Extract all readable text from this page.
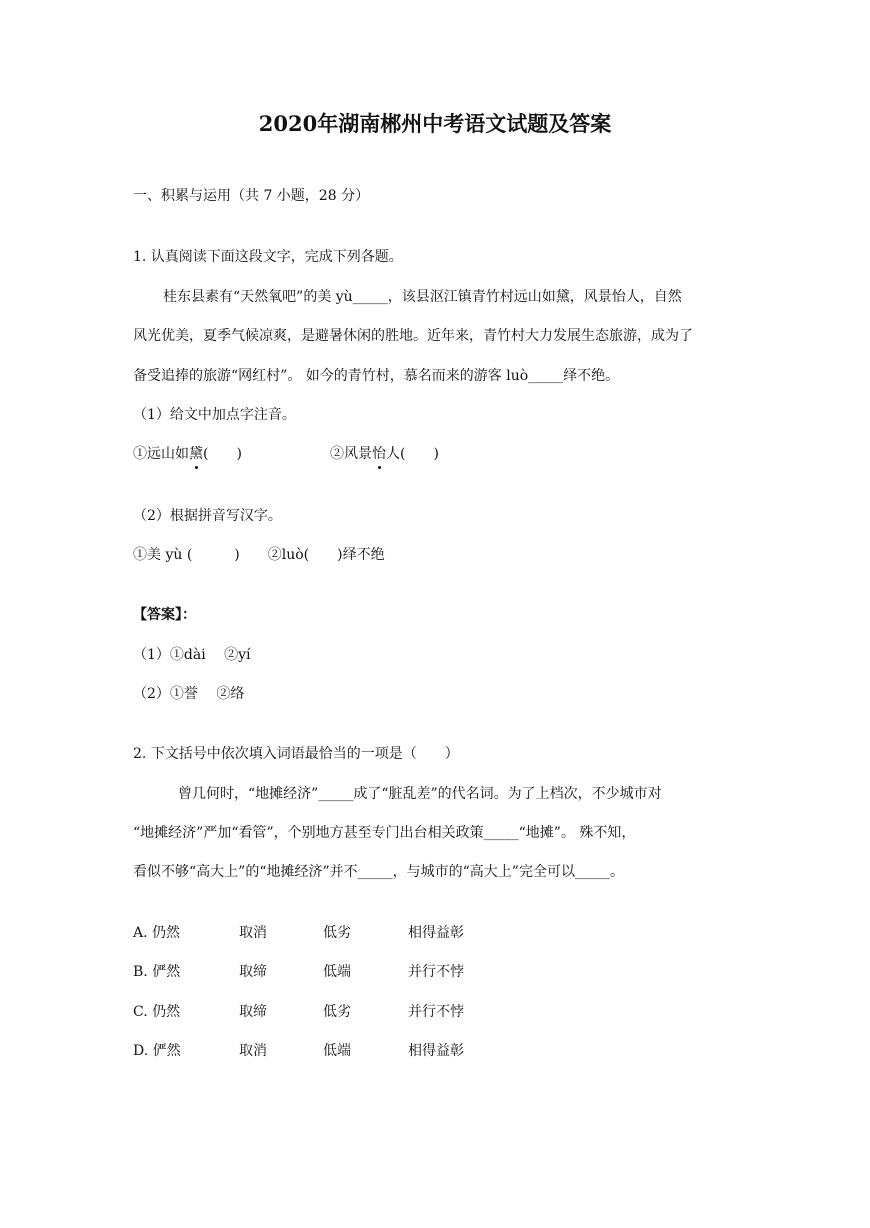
2020年湖南郴州中考语文试题及答案
一、积累与运用（共 7 小题，28 分）
1. 认真阅读下面这段文字，完成下列各题。
桂东县素有“天然氧吧”的美 yù_____，该县沤江镇青竹村远山如黛，风景怡人，自然
风光优美，夏季气候凉爽，是避暑休闲的胜地。近年来，青竹村大力发展生态旅游，成为了
备受追捧的旅游“网红村”。 如今的青竹村，慕名而来的游客 luò_____绎不绝。
（1）给文中加点字注音。
①远山如黛(　　)	②风景怡人(　　)
（2）根据拼音写汉字。
①美 yù (　　　)　　②luò(　　)绎不绝
【答案】：
（1）①dài　 ②yí
（2）①誉　 ②络
2. 下文括号中依次填入词语最恰当的一项是（　　）
曾几何时，“地摊经济”_____成了“脏乱差”的代名词。为了上档次，不少城市对
“地摊经济”严加“看管”，个别地方甚至专门出台相关政策_____“地摊”。 殊不知，
看似不够“高大上”的“地摊经济”并不_____，与城市的“高大上”完全可以_____。
A. 仍然	取消	低劣	相得益彰
B. 俨然	取缔	低端	并行不悖
C. 仍然	取缔	低劣	并行不悖
D. 俨然	取消	低端	相得益彰
